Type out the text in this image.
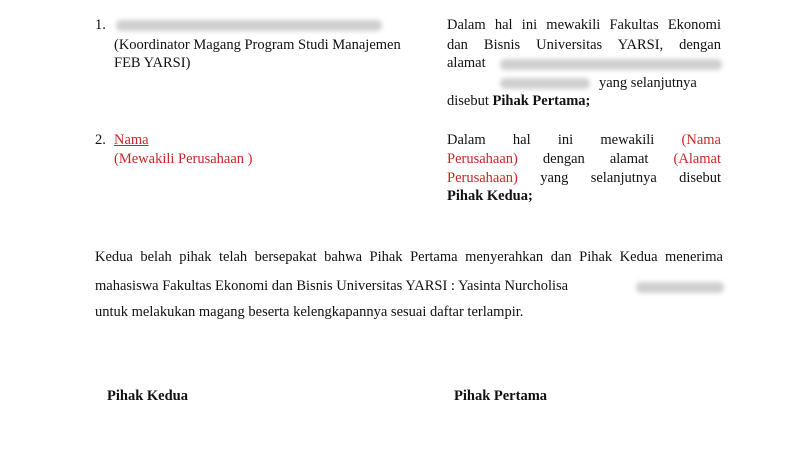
1.
(Koordinator Magang Program Studi Manajemen
FEB YARSI)
Dalam hal ini mewakili Fakultas Ekonomi
dan Bisnis Universitas YARSI, dengan
alamat
yang selanjutnya
disebut Pihak Pertama;
2. Nama
(Mewakili Perusahaan )
Dalam hal ini mewakili (Nama
Perusahaan) dengan alamat (Alamat
Perusahaan) yang selanjutnya disebut
Pihak Kedua;
Kedua belah pihak telah bersepakat bahwa Pihak Pertama menyerahkan dan Pihak Kedua menerima
mahasiswa Fakultas Ekonomi dan Bisnis Universitas YARSI : Yasinta Nurcholisa
untuk melakukan magang beserta kelengkapannya sesuai daftar terlampir.
Pihak Kedua	Pihak Pertama
